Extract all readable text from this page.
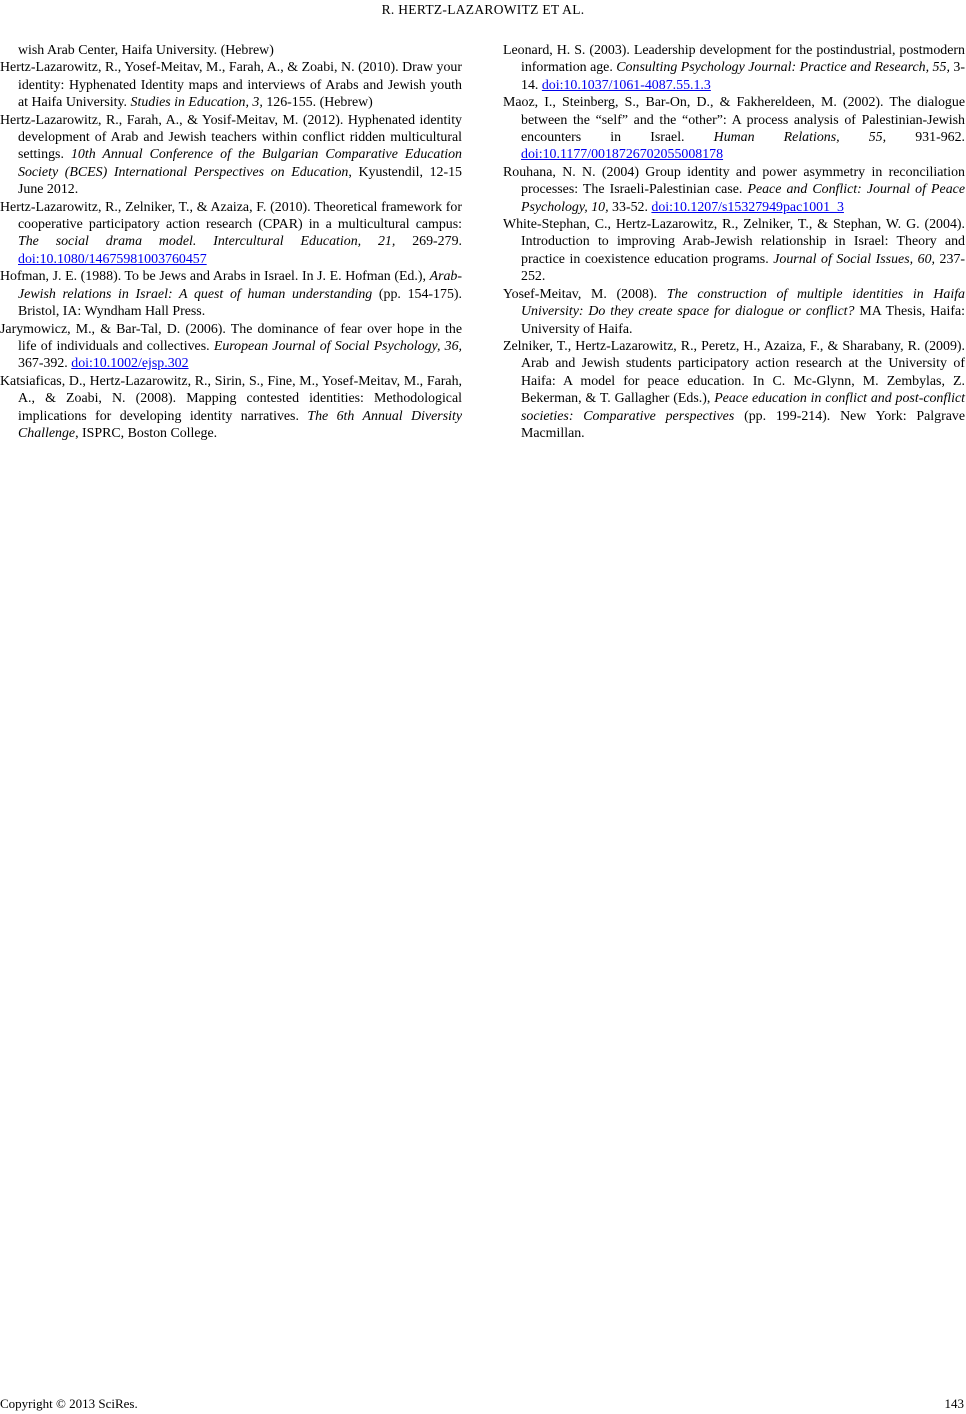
R. HERTZ-LAZAROWITZ ET AL.

wish Arab Center, Haifa University. (Hebrew)

Hertz-Lazarowitz, R., Yosef-Meitav, M., Farah, A., & Zoabi, N. (2010). Draw your identity: Hyphenated Identity maps and interviews of Arabs and Jewish youth at Haifa University. Studies in Education, 3, 126-155. (Hebrew)

Hertz-Lazarowitz, R., Farah, A., & Yosif-Meitav, M. (2012). Hyphenated identity development of Arab and Jewish teachers within conflict ridden multicultural settings. 10th Annual Conference of the Bulgarian Comparative Education Society (BCES) International Perspectives on Education, Kyustendil, 12-15 June 2012.

Hertz-Lazarowitz, R., Zelniker, T., & Azaiza, F. (2010). Theoretical framework for cooperative participatory action research (CPAR) in a multicultural campus: The social drama model. Intercultural Education, 21, 269-279. doi:10.1080/14675981003760457

Hofman, J. E. (1988). To be Jews and Arabs in Israel. In J. E. Hofman (Ed.), Arab-Jewish relations in Israel: A quest of human understanding (pp. 154-175). Bristol, IA: Wyndham Hall Press.

Jarymowicz, M., & Bar-Tal, D. (2006). The dominance of fear over hope in the life of individuals and collectives. European Journal of Social Psychology, 36, 367-392. doi:10.1002/ejsp.302

Katsiaficas, D., Hertz-Lazarowitz, R., Sirin, S., Fine, M., Yosef-Meitav, M., Farah, A., & Zoabi, N. (2008). Mapping contested identities: Methodological implications for developing identity narratives. The 6th Annual Diversity Challenge, ISPRC, Boston College.

Leonard, H. S. (2003). Leadership development for the postindustrial, postmodern information age. Consulting Psychology Journal: Practice and Research, 55, 3-14. doi:10.1037/1061-4087.55.1.3

Maoz, I., Steinberg, S., Bar-On, D., & Fakhereldeen, M. (2002). The dialogue between the “self” and the “other”: A process analysis of Palestinian-Jewish encounters in Israel. Human Relations, 55, 931-962. doi:10.1177/0018726702055008178

Rouhana, N. N. (2004) Group identity and power asymmetry in reconciliation processes: The Israeli-Palestinian case. Peace and Conflict: Journal of Peace Psychology, 10, 33-52. doi:10.1207/s15327949pac1001_3

White-Stephan, C., Hertz-Lazarowitz, R., Zelniker, T., & Stephan, W. G. (2004). Introduction to improving Arab-Jewish relationship in Israel: Theory and practice in coexistence education programs. Journal of Social Issues, 60, 237-252.

Yosef-Meitav, M. (2008). The construction of multiple identities in Haifa University: Do they create space for dialogue or conflict? MA Thesis, Haifa: University of Haifa.

Zelniker, T., Hertz-Lazarowitz, R., Peretz, H., Azaiza, F., & Sharabany, R. (2009). Arab and Jewish students participatory action research at the University of Haifa: A model for peace education. In C. Mc-Glynn, M. Zembylas, Z. Bekerman, & T. Gallagher (Eds.), Peace education in conflict and post-conflict societies: Comparative perspectives (pp. 199-214). New York: Palgrave Macmillan.

Copyright © 2013 SciRes.	143
